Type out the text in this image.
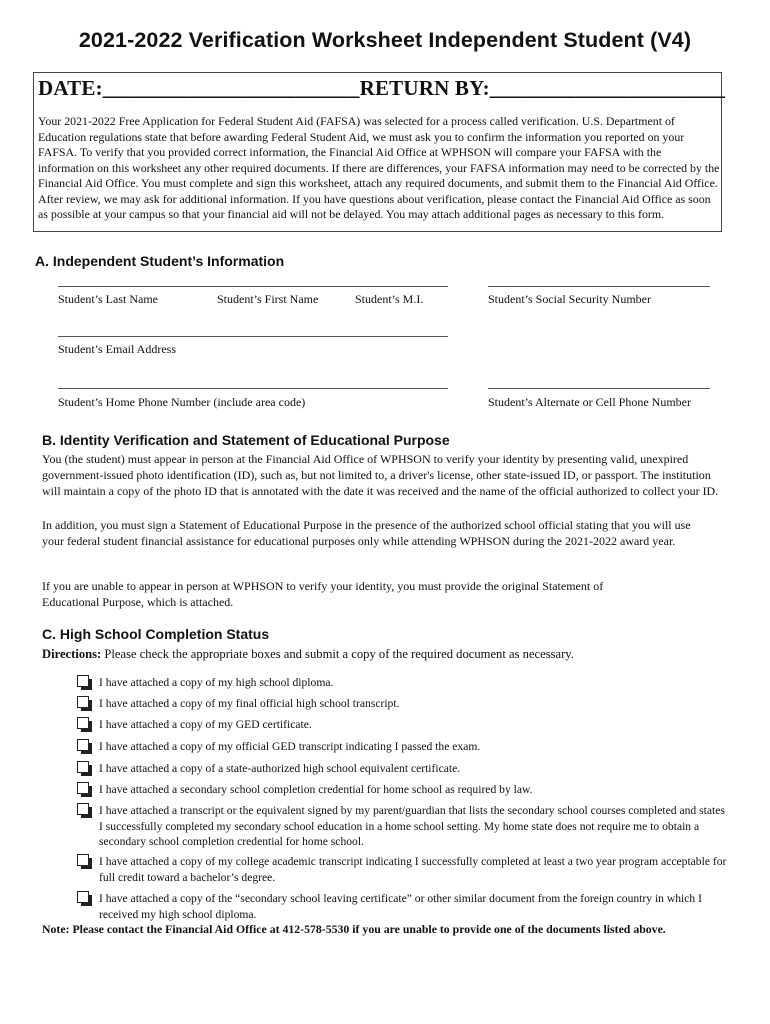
2021-2022 Verification Worksheet Independent Student (V4)
DATE:________________________RETURN BY:______________________
Your 2021-2022 Free Application for Federal Student Aid (FAFSA) was selected for a process called verification. U.S. Department of Education regulations state that before awarding Federal Student Aid, we must ask you to confirm the information you reported on your FAFSA. To verify that you provided correct information, the Financial Aid Office at WPHSON will compare your FAFSA with the information on this worksheet any other required documents. If there are differences, your FAFSA information may need to be corrected by the Financial Aid Office. You must complete and sign this worksheet, attach any required documents, and submit them to the Financial Aid Office. After review, we may ask for additional information. If you have questions about verification, please contact the Financial Aid Office as soon as possible at your campus so that your financial aid will not be delayed. You may attach additional pages as necessary to this form.
A. Independent Student’s Information
Student’s Last Name	Student’s First Name	Student’s M.I.	Student’s Social Security Number
Student’s Email Address
Student’s Home Phone Number (include area code)	Student’s Alternate or Cell Phone Number
B. Identity Verification and Statement of Educational Purpose
You (the student) must appear in person at the Financial Aid Office of WPHSON to verify your identity by presenting valid, unexpired government-issued photo identification (ID), such as, but not limited to, a driver's license, other state-issued ID, or passport. The institution will maintain a copy of the photo ID that is annotated with the date it was received and the name of the official authorized to collect your ID.
In addition, you must sign a Statement of Educational Purpose in the presence of the authorized school official stating that you will use your federal student financial assistance for educational purposes only while attending WPHSON during the 2021-2022 award year.
If you are unable to appear in person at WPHSON to verify your identity, you must provide the original Statement of Educational Purpose, which is attached.
C. High School Completion Status
Directions: Please check the appropriate boxes and submit a copy of the required document as necessary.
I have attached a copy of my high school diploma.
I have attached a copy of my final official high school transcript.
I have attached a copy of my GED certificate.
I have attached a copy of my official GED transcript indicating I passed the exam.
I have attached a copy of a state-authorized high school equivalent certificate.
I have attached a secondary school completion credential for home school as required by law.
I have attached a transcript or the equivalent signed by my parent/guardian that lists the secondary school courses completed and states I successfully completed my secondary school education in a home school setting. My home state does not require me to obtain a secondary school completion credential for home school.
I have attached a copy of my college academic transcript indicating I successfully completed at least a two year program acceptable for full credit toward a bachelor’s degree.
I have attached a copy of the “secondary school leaving certificate” or other similar document from the foreign country in which I received my high school diploma.
Note: Please contact the Financial Aid Office at 412-578-5530 if you are unable to provide one of the documents listed above.
